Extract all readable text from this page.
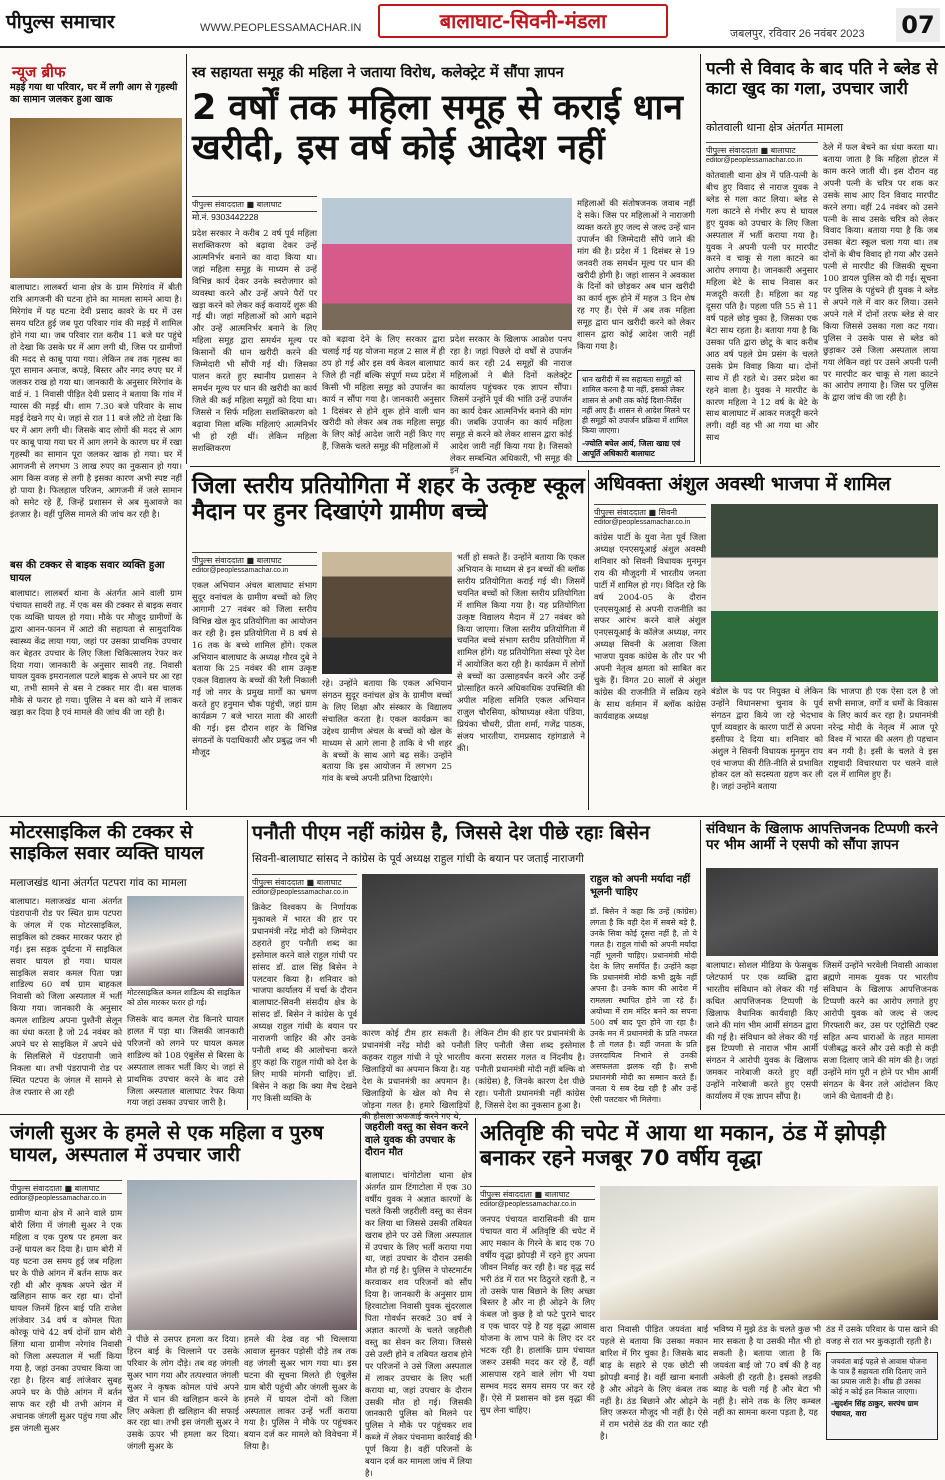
पीपुल्स समाचार	WWW.PEOPLESSAMACHAR.IN	बालाघाट-सिवनी-मंडला
जबलपुर, रविवार 26 नवंबर 2023 07
न्यूज ब्रीफ
मड़ई गया था परिवार, घर में लगी आग से गृहस्थी का सामान जलकर हुआ खाक
बालाघाट। लालबर्रा थाना क्षेत्र के ग्राम मिरेगांव में बीती रात्रि आगजनी की घटना होने का मामला सामने आया है। मिरेगांव में यह घटना देवी प्रसाद कावरे के घर में उस समय घटित हुई जब पूरा परिवार गांव की मड़ई में शामिल होने गया था। जब परिवार रात करीब 11 बजे घर पहुंचे तो देखा कि उसके घर में आग लगी थी, जिस पर ग्रामीणों की मदद से काबू पाया गया। लेकिन तब तक गृहस्थ का पूरा सामान अनाज, कपड़े, बिस्तर और नगद रुपए घर में जलकर राख हो गया था। जानकारी के अनुसार मिरेगांव के वार्ड नं. 1 निवासी पीड़ित देवी प्रसाद ने बताया कि गांव में ग्यारस की मड़ई थी। शाम 7.30 बजे परिवार के साथ मड़ई देखने गए थे। जहां से रात 11 बजे लौटे तो देखा कि घर में आग लगी थी। जिसके बाद लोगों की मदद से आग पर काबू पाया गया घर में आग लगने के कारण घर में रखा गृहस्थी का सामान पूरा जलकर खाक हो गया। घर में आगजनी से लगभग 3 लाख रुपए का नुकसान हो गया। आग किस वजह से लगी है इसका कारण अभी स्पष्ट नहीं हो पाया है। फिलहाल परिजन, आगजनी में जले सामान को समेट रहे हैं, जिन्हें प्रशासन से अब मुआवजे का इंतजार है। वहीं पुलिस मामले की जांच कर रही है।
बस की टक्कर से बाइक सवार व्यक्ति हुआ घायल
बालाघाट। लालबर्रा थाना के अंतर्गत आने वाली ग्राम पंचायत सावरी तह. में एक बस की टक्कर से बाइक सवार एक व्यक्ति घायल हो गया। मौके पर मौजूद ग्रामीणों के द्वारा आनन-फानन में आटो की सहायता से सामुदायिक स्वास्थ्य केंद्र लाया गया, जहां पर उसका प्राथमिक उपचार कर बेहतर उपचार के लिए जिला चिकित्सालय रेफर कर दिया गया। जानकारी के अनुसार सावरी तह. निवासी घायल युवक इमरानलाल पटले बाइक से अपने घर आ रहा था, तभी सामने से बस ने टक्कर मार दी। बस चालक मौके से फरार हो गया। पुलिस ने बस को थाने में लाकर खड़ा कर दिया है एवं मामले की जांच की जा रही है।
स्व सहायता समूह की महिला ने जताया विरोध, कलेक्ट्रेट में सौंपा ज्ञापन
2 वर्षों तक महिला समूह से कराई धान खरीदी, इस वर्ष कोई आदेश नहीं
पीपुल्स संवाददाता ■ बालाघाट
मो.नं. 9303442228
प्रदेश सरकार ने करीब 2 वर्ष पूर्व महिला सशक्तिकरण को बढ़ावा देकर उन्हें आत्मनिर्भर बनाने का वादा किया था। जहां महिला समूह के माध्यम से उन्हें विभिन्न कार्य देकर उनके स्वरोजगार को व्यवस्था करने और उन्हें अपने पैरों पर खड़ा करने को लेकर कई कवायदें शुरू की गई थी। जहां महिलाओं को आगे बढ़ाने और उन्हें आत्मनिर्भर बनाने के लिए महिला समूह द्वारा समर्थन मूल्य पर किसानों की धान खरीदी करने की जिम्मेदारी भी सौंपी गई थी। जिसका पालन करते हुए स्थानीय प्रशासन ने समर्थन मूल्य पर धान की खरीदी का कार्य जिले की कई महिला समूहों को दिया था। जिससे न सिर्फ महिला सशक्तिकरण को बढ़ावा मिला बल्कि महिलाएं आत्मनिर्भर भी हो रही थीं। लेकिन महिला सशक्तिकरण
को बढ़ावा देने के लिए सरकार द्वारा चलाई गई यह योजना महज 2 साल में ही ठप हो गई और इस वर्ष केवल बालाघाट जिले ही नहीं बल्कि संपूर्ण मध्य प्रदेश में किसी भी महिला समूह को उपार्जन का कार्य न सौंपा गया है। जानकारी अनुसार 1 दिसंबर से होने शुरू होने वाली धान खरीदी को लेकर अब तक महिला समूह के लिए कोई आदेश जारी नहीं किए गए हैं, जिसके चलते समूह की महिलाओं में
प्रदेश सरकार के खिलाफ आक्रोश पनप रहा है। जहां पिछले दो वर्षों से उपार्जन कार्य कर रही 24 समूहों की नाराज महिलाओं ने बीते दिनों कलेक्ट्रेट कार्यालय पहुंचकर एक ज्ञापन सौंपा। जिसमें उन्होंने पूर्व की भांति उन्हें उपार्जन का कार्य देकर आत्मनिर्भर बनाने की मांग की। जबकि उपार्जन का कार्य महिला समूह से करने को लेकर शासन द्वारा कोई आदेश जारी नहीं किया गया है। जिसको लेकर सम्बन्धित अधिकारी, भी समूह की इन
महिलाओं की संतोषजनक जवाब नहीं दे सके। जिस पर महिलाओं ने नाराजगी व्यक्त करते हुए जल्द से जल्द उन्हें धान उपार्जन की जिम्मेदारी सौंपे जाने की मांग की है। प्रदेश में 1 दिसंबर से 19 जनवरी तक समर्थन मूल्य पर धान की खरीदी होगी है। जहां शासन ने अवकाश के दिनों को छोड़कर अब धान खरीदी का कार्य शुरू होने में महज 3 दिन शेष रह गए हैं। ऐसे में अब तक महिला समूह द्वारा धान खरीदी करने को लेकर शासन द्वारा कोई आदेश जारी नहीं किया गया है।
धान खरीदी में स्व सहायता समूहों को शामिल करना है या नहीं, इसको लेकर शासन से अभी तक कोई दिशा-निर्देश नहीं आए हैं। शासन से आदेश मिलने पर ही समूहों को उपार्जन प्रक्रिया में शामिल किया जाएगा।
-ज्योति बघेल आर्य, जिला खाद्य एवं आपूर्ति अधिकारी बालाघाट
पत्नी से विवाद के बाद पति ने ब्लेड से काटा खुद का गला, उपचार जारी
कोतवाली थाना क्षेत्र अंतर्गत मामला
पीपुल्स संवाददाता ■ बालाघाट
editor@peoplessamachar.co.in
कोतवाली थाना क्षेत्र में पति-पत्नी के बीच हुए विवाद से नाराज युवक ने ब्लेड से गला काट लिया। ब्लेड से गला काटने से गंभीर रूप से घायल हुए युवक को उपचार के लिए जिला अस्पताल में भर्ती कराया गया है। युवक ने अपनी पत्नी पर मारपीट करने व चाकू से गला काटने का आरोप लगाया है। जानकारी अनुसार महिला बेटे के साथ निवास कर मजदूरी करती है। महिला का यह दूसरा पति है। पहला पति 55 से 11 वर्ष पहले छोड़ चुका है, जिसका एक बेटा साथ रहता है। बताया गया है कि उसका पति द्वारा छोटू के बाद करीब आठ वर्ष पहले प्रेम प्रसंग के चलते उसके प्रेम विवाह किया था। दोनों साथ में ही रहते थे। उसर प्रदेश का रहने वाला है। युवक ने मारपीट के कारण महिला ने 12 वर्ष के बेटे के साथ बालाघाट में आकर मजदूरी करने लगी। वहीं वह भी आ गया था और साथ
ठेले में फल बेचने का धंधा करता था। बताया जाता है कि महिला होटल में काम करने जाती थी। इस दौरान वह अपनी पत्नी के चरित्र पर शक कर उसके साथ आए दिन विवाद मारपीट करने लगा। वहीं 24 नवंबर को उसने पत्नी के साथ उसके चरित्र को लेकर विवाद किया। बताया गया है कि जब उसका बेटा स्कूल चला गया था। तब दोनों के बीच विवाद हो गया और उसने पत्नी से मारपीट की जिसकी सूचना 100 डायल पुलिस को दी गई। सूचना पर पुलिस के पहुंचने ही युवक ने ब्लेड से अपने गले में वार कर लिया। उसने अपने गले में दोनों तरफ ब्लेड से वार किया जिससे उसका गला कट गया। पुलिस ने उसके पास से ब्लेड को छुड़ाकर उसे जिला अस्पताल लाया गया लेकिन वहां पर उसने अपनी पत्नी पर मारपीट कर चाकू से गला काटने का आरोप लगाया है। जिस पर पुलिस के द्वारा जांच की जा रही है।
जिला स्तरीय प्रतियोगिता में शहर के उत्कृष्ट स्कूल मैदान पर हुनर दिखाएंगे ग्रामीण बच्चे
पीपुल्स संवाददाता ■ बालाघाट
editor@peoplessamachar.co.in
एकल अभियान अंचल बालाघाट संभाग सुदूर वनांचल के ग्रामीण बच्चों को लिए आगामी 27 नवंबर को जिला स्तरीय विभिन्न खेल कूद प्रतियोगिता का आयोजन कर रही है। इस प्रतियोगिता में 8 वर्ष से 16 तक के बच्चे शामिल होंगे। एकल अभियान बालाघाट के अध्यक्ष गौरव दुबे ने बताया कि 25 नवंबर की शाम उत्कृष्ट एकल विद्यालय के बच्चों की रैली निकाली गई जो नगर के प्रमुख मार्गों का भ्रमण करते हुए हनुमान चौक पहुंची, जहां ग्राम कार्यक्रम 7 बजे भारत माता की आरती की गई। इस दौरान शहर के विभिन्न संगठनों के पदाधिकारी और प्रबुद्ध जन भी मौजूद
रहे। उन्होंने बताया कि एकल अभियान संगठन सुदूर वनांचल क्षेत्र के ग्रामीण बच्चों के लिए शिक्षा और संस्कार के विद्यालय संचालित करता है। एकल कार्यक्रम का उद्देश्य ग्रामीण अंचल के बच्चों को खेल के माध्यम से आगे लाना है ताकि वे भी शहर के बच्चों के साथ आगे बढ़ सकें। उन्होंने बताया कि इस आयोजन में लगभग 25 गांव के बच्चे अपनी प्रतिभा दिखाएंगे।
भर्ती हो सकते हैं। उन्होंने बताया कि एकल अभियान के माध्यम से इन बच्चों की ब्लॉक स्तरीय प्रतियोगिता कराई गई थी। जिसमें चयनित बच्चों को जिला स्तरीय प्रतियोगिता में शामिल किया गया है। यह प्रतियोगिता उत्कृष्ट विद्यालय मैदान में 27 नवंबर को किया जाएगा। जिला स्तरीय प्रतियोगिता में चयनित बच्चे संभाग स्तरीय प्रतियोगिता में शामिल होंगे। यह प्रतियोगिता संस्था पूरे देश में आयोजित करा रही है। कार्यक्रम में लोगों से बच्चों का उत्साहवर्धन करने और उन्हें प्रोत्साहित करने अधिकाधिक उपस्थिति की अपील महिला समिति एकल अभियान राजुल चौरसिया, कोषाध्यक्ष श्वेता पंडिया, प्रियंका चौधरी, प्रीता शर्मा, गजेंद्र पाठक, संजय भारतीया, रामप्रसाद रहांगडाले ने की।
अधिवक्ता अंशुल अवस्थी भाजपा में शामिल
पीपुल्स संवाददाता ■ सिवनी
editor@peoplessamachar.co.in
कांग्रेस पार्टी के युवा नेता पूर्व जिला अध्यक्ष एनएसयूआई अंशुल अवस्थी शनिवार को सिवनी विधायक मुनमुन राय की मौजूदगी में भारतीय जनता पार्टी में शामिल हो गए। विदित रहे कि वर्ष 2004-05 के दौरान एनएसयूआई से अपनी राजनीति का सफर आरंभ करने वाले अंशुल एनएसयूआई के कॉलेज अध्यक्ष, नगर अध्यक्ष सिवनी के अलावा जिला भाजपा युवक कांग्रेस के तौर पर भी अपनी नेतृत्व क्षमता को साबित कर चुके हैं। विगत 20 सालों से अंशुल कांग्रेस की राजनीति में सक्रिय रहने के साथ वर्तमान में ब्लॉक कांग्रेस कार्यवाहक अध्यक्ष
बंडोल के पद पर नियुक्त थे लेकिन उन्होंने विधानसभा चुनाव के पूर्व संगठन द्वारा किये जा रहे भेदभाव पूर्ण व्यवहार के कारण पार्टी से अपना इस्तीफा दे दिया था। शनिवार को अंशुल ने सिवनी विधायक मुनमुन राय एवं भाजपा की रीति-नीति से प्रभावित होकर दल को सदस्यता ग्रहण कर ली है। जहां उन्होंने बताया
कि भाजपा ही एक ऐसा दल है जो सभी समाज, वर्गों व धर्मों के विकास के लिए कार्य कर रहा है। प्रधानमंत्री नरेन्द्र मोदी के नेतृत्व में आज पूरे विश्व में भारत की अलग ही पहचान बन गयी है। इसी के चलते वे इस राष्ट्रवादी विचारधारा पर चलने वाले दल में शामिल हुए हैं।
मोटरसाइकिल की टक्कर से साइकिल सवार व्यक्ति घायल
मलाजखंड थाना अंतर्गत पटपरा गांव का मामला
बालाघाट। मलाजखंड थाना अंतर्गत पंडरापानी रोड पर स्थित ग्राम पटपरा के जंगल में एक मोटरसाइकिल, साइकिल को टक्कर मारकर फरार हो गई। इस सड़क दुर्घटना में साइकिल सवार घायल हो गया। घायल साइकिल सवार कमल पिता पन्ना शाडिल्य 60 वर्ष ग्राम बाहकल निवासी को जिला अस्पताल में भर्ती किया गया। जानकारी के अनुसार कमल शाडिल्य अपना पुश्तैनी सेलून का धंधा करता है जो 24 नवंबर को अपने घर से साइकिल में अपने धंधे के सिलसिले में पंडरापानी जाने निकला था। तभी पंडरापानी रोड पर स्थित पटपरा के जंगल में सामने से तेज रफ्तार से आ रही
मोटरसाइकिल कमल शाडिल्य की साइकिल को ठोस मारकर फरार हो गई।
जिसके बाद कमल रोड किनारे घायल हालत में पड़ा था। जिसकी जानकारी परिजनों को लगने पर घायल कमल शाडिल्य को 108 एंबुलेंस से बिरसा के अस्पताल लाकर भर्ती किए थे। जहां से प्राथमिक उपचार करने के बाद उसे जिला अस्पताल बालाघाट रेफर किया गया जहां उसका उपचार जारी है।
पनौती पीएम नहीं कांग्रेस है, जिससे देश पीछे रहाः बिसेन
सिवनी-बालाघाट सांसद ने कांग्रेस के पूर्व अध्यक्ष राहुल गांधी के बयान पर जताई नाराजगी
पीपुल्स संवाददाता ■ बालाघाट
editor@peoplessamachar.co.in
क्रिकेट विश्वकप के निर्णायक मुकाबले में भारत की हार पर प्रधानमंत्री नरेंद्र मोदी को जिम्मेदार ठहराते हुए पनौती शब्द का इस्तेमाल करने वाले राहुल गांधी पर सांसद डॉ. ढाल सिंह बिसेन ने पलटवार किया है। शनिवार को भाजपा कार्यालय में चर्चा के दौरान बालाघाट-सिवनी संसदीय क्षेत्र के सांसद डॉ. बिसेन ने कांग्रेस के पूर्व अध्यक्ष राहुल गांधी के बयान पर नाराजगी जाहिर की और उनके पनौती शब्द की आलोचना करते हुए कहां कि राहुल गांधी को देश के लिए माफी मांगनी चाहिए। डॉ. बिसेन ने कहा कि क्या मैच देखने गए किसी व्यक्ति के
कारण कोई टीम हार सकती है। प्रधानमंत्री नरेंद्र मोदी को पनौती कहकर राहुल गांधी ने पूरे भारतीय खिलाड़ियों का अपमान किया है। यह देश के प्रधानमंत्री का अपमान है। खिलाड़ियों के खेल को मैच से जोड़ना गलत है। हमारे खिलाड़ियों की हौसला अफजाई करने गए थे,
लेकिन टीम की हार पर प्रधानमंत्री के लिए पनौती जैसा शब्द इस्तेमाल करना सरासर गलत व निंदनीय है। पनौती प्रधानमंत्री मोदी नहीं बल्कि वो (कांग्रेस) है, जिनके कारण देश पीछे रहा। पनौती प्रधानमंत्री नहीं कांग्रेस है, जिससे देश का नुकसान हुआ है।
राहुल को अपनी मर्यादा नहीं भूलनी चाहिए
डॉ. बिसेन ने कहा कि उन्हें (कांग्रेस) लगता है कि वही देश में सबसे बड़े है, उनके सिवा कोई दूसरा नहीं है, तो ये गलत है। राहुल गांधी को अपनी मर्यादा नहीं भूलनी चाहिए। प्रधानमंत्री मोदी देश के लिए समर्पित हैं। उन्होंने कहा कि प्रधानमंत्री मोदी कभी झुके नहीं अपना है। उनके काम की आदेश में रामलला स्थापित होने जा रहे हैं। अयोध्या में राम मंदिर बनने का सपना 500 वर्ष बाद पूरा होने जा रहा है। उनके मन में प्रधानमंत्री के प्रति नफरत है तो गलत है। वहीं जनता के प्रति उत्तरदायित्व निभाने से उनकी असफलता झलक रही है। सभी प्रधानमंत्री मोदी का सम्मान करते हैं। जनता ये सब देख रही है और उन्हें ऐसी पलटवार भी मिलेगा।
संविधान के खिलाफ आपत्तिजनक टिप्पणी करने पर भीम आर्मी ने एसपी को सौंपा ज्ञापन
बालाघाट। सोशल मीडिया के फेसबुक प्लेटफार्म पर एक व्यक्ति द्वारा भारतीय संविधान को लेकर की गई कथित आपत्तिजनक टिप्पणी के खिलाफ वैधानिक कार्यवाही किए जाने की मांग भीम आर्मी संगठन द्वारा की गई है। संविधान को लेकर की गई इस टिप्पणी से नाराज भीम आर्मी संगठन ने आरोपी युवक के खिलाफ जमकर नारेबाजी करते हुए वहीं उन्होंने नारेबाजी करते हुए एसपी कार्यालय में एक ज्ञापन सौंपा है।
जिसमें उन्होंने भरवेली निवासी आकाश ब्रह्मणे नामक युवक पर भारतीय संविधान के खिलाफ आपत्तिजनक टिप्पणी करने का आरोप लगाते हुए आरोपी युवक को जल्द से जल्द गिरफ्तारी कर, उस पर एट्रोसिटी एक्ट सहित अन्य धाराओं के तहत मामला पंजीबद्ध करने और उसे कड़ी से कड़ी सजा दिलाए जाने की मांग की है। जहां उन्होंने मांग पूरी न होने पर भीम आर्मी संगठन के बैनर तले आंदोलन किए जाने की चेतावनी दी है।
जंगली सुअर के हमले से एक महिला व पुरुष घायल, अस्पताल में उपचार जारी
पीपुल्स संवाददाता ■ बालाघाट
editor@peoplessamachar.co.in
ग्रामीण थाना क्षेत्र में आने वाले ग्राम बोरी लिंगा में जंगली सुअर ने एक महिला व एक पुरुष पर हमला कर उन्हें घायल कर दिया है। ग्राम बोरी में यह घटना उस समय हुई जब महिला घर के पीछे आंगन में बर्तन साफ कर रही थी और कृषक अपने खेत में खलिहान साफ कर रहा था। दोनों घायल जिनमें हिरन बाई पति राजेश लांजेवार 34 वर्ष व कोमल पिता कोरकू पांचे 42 वर्ष दोनों ग्राम बोरी लिंगा थाना ग्रामीण नरेगांव निवासी को जिला अस्पताल में भर्ती किया गया है, जहां उनका उपचार किया जा रहा है। हिरन बाई लांजेवार सुबह अपने घर के पीछे आंगन में बर्तन साफ कर रही थी तभी आंगन में अचानक जंगली सुअर पहुंच गया और इस जंगली सुअर
ने पीछे से उसपर हमला कर दिया। हिरन बाई के चिल्लाने पर उसके परिवार के लोग दौड़े। तब वह जंगली सुअर भाग गया और तत्पश्चात जंगली सुअर ने कृषक कोमल पांचे अपने खेत में धान की खलिहान करने के लिए अकेला ही खलिहान की सफाई कर रहा था। तभी इस जंगली सुअर ने उसके ऊपर भी हमला कर दिया। जंगली सुअर के
हमले की देख वह भी चिल्लाया आवाज सुनकर पड़ोसी दौड़े तब तक वह जंगली सुअर भाग गया था। इस घटना की सूचना मिलते ही एंबुलेंस ग्राम बोरी पहुंची और जंगली सुअर के हमले में घायल दोनों को जिला अस्पताल लाकर उन्हें भर्ती कराया गया है। पुलिस ने मौके पर पहुंचकर बयान दर्ज कर मामले को विवेचना में लिया है।
जहरीली वस्तु का सेवन करने वाले युवक की उपचार के दौरान मौत
बालाघाट। चांगोटोला थाना क्षेत्र अंतर्गत ग्राम टिंगाटोला में एक 30 वर्षीय युवक ने अज्ञात कारणों के चलते किसी जहरीली वस्तु का सेवन कर लिया था जिससे उसकी तबियत खराब होने पर उसे जिला अस्पताल में उपचार के लिए भर्ती कराया गया था, जहां उपचार के दौरान उसकी मौत हो गई है। पुलिस ने पोस्टमार्टम करवाकर शव परिजनों को सौंप दिया है। जानकारी के अनुसार ग्राम हिरवाटोला निवासी युवक सुंदरलाल पिता गोवर्धन सरकटे 30 वर्ष ने अज्ञात कारणों के चलते जहरीली वस्तु का सेवन कर लिया। जिससे उसे उल्टी होने व तबियत खराब होने पर परिजनों ने उसे जिला अस्पताल में लाकर उपचार के लिए भर्ती कराया था, जहां उपचार के दौरान उसकी मौत हो गई। जिसकी जानकारी पुलिस को मिलने पर पुलिस ने मौके पर पहुंचकर शव कब्जे में लेकर पंचनामा कार्रवाई की पूर्ण किया है। वहीं परिजनों के बयान दर्ज कर मामला जांच में लिया है।
अतिवृष्टि की चपेट में आया था मकान, ठंड में झोपड़ी बनाकर रहने मजबूर 70 वर्षीय वृद्धा
पीपुल्स संवाददाता ■ बालाघाट
editor@peoplessamachar.co.in
जनपद पंचायत वारासिवनी की ग्राम पंचायत वारा में अतिवृष्टि की चपेट में आए मकान के गिरने के बाद एक 70 वर्षीय वृद्धा झोपड़ी में रहने हुए अपना जीवन निर्वाह कर रही है। वह वृद्ध सर्द भरी ठंड में रात भर ठिठुरते रहती है, न तो उसके पास बिछाने के लिए अच्छा बिस्तर है और ना ही ओढ़ने के लिए कंबल जो कुछ है वो फटे पुराने चादर व एक चादर पड़े है यह वृद्धा आवास योजना के लाभ पाने के लिए दर दर भटक रही है। हालांकि ग्राम पंचायत जरूर उसकी मदद कर रहे हैं, वहीं आसपास रहने वाले लोग भी यथा सम्भव मदद समय समय पर कर रहे हैं। ऐसे में प्रशासन को इस वृद्धा की सुध लेना चाहिए।
वारा निवासी पीड़ित जयवंता बाई पहले से बताया कि उसका मकान बारिश में गिर चुका है। जिसके बाद बाड़ के सहारे से एक छोटी सी झोपड़ी बनाई है। वहीं खाना बनाती है और ओढ़ने के लिए कंबल तक नहीं है। ठंड बिछाने और ओढ़ने के लिए जरूरत मौजूद भी नहीं है। ऐसे में राम भरोसे ठंड की रात काट रही है।
भविष्य में मुझे ठंड के चलते कुछ भी मार सकता है या उसकी मौत भी हो सकती है। बताया जाता है कि जयवंता बाई जो 70 वर्ष की है वह अकेली ही रहती है। इसको लड़की ब्याह के चली गई है और बेटा भी नहीं है। सोने तक के लिए कम्बल नहीं का सामना करना पड़ता है, यह
ठंड में उसके परिवार के पास खाने की वजह से रात भर कुकड़ाती रहती है।
जयवंता बाई पहले से आवास योजना के पात्र हैं सहायता राशि दिलाए जाने का प्रयास जारी है। शीघ्र ही उसका कोई न कोई हल निकाल जाएगा।
-सुदर्शन सिंह ठाकुर, सरपंच ग्राम पंचायत, वारा
